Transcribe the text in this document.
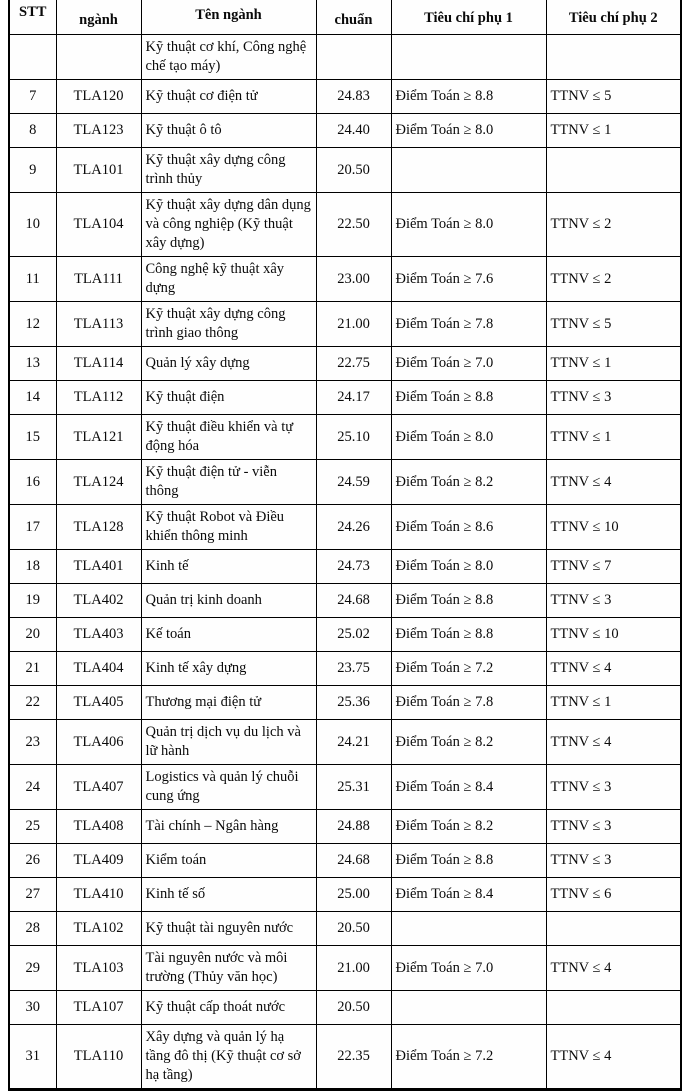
STT	ngành	Tên ngành	chuẩn	Tiêu chí phụ 1	Tiêu chí phụ 2

		Kỹ thuật cơ khí, Công nghệ chế tạo máy)			
7	TLA120	Kỹ thuật cơ điện tử	24.83	Điểm Toán ≥ 8.8	TTNV ≤ 5
8	TLA123	Kỹ thuật ô tô	24.40	Điểm Toán ≥ 8.0	TTNV ≤ 1
9	TLA101	Kỹ thuật xây dựng công trình thủy	20.50		
10	TLA104	Kỹ thuật xây dựng dân dụng và công nghiệp (Kỹ thuật xây dựng)	22.50	Điểm Toán ≥ 8.0	TTNV ≤ 2
11	TLA111	Công nghệ kỹ thuật xây dựng	23.00	Điểm Toán ≥ 7.6	TTNV ≤ 2
12	TLA113	Kỹ thuật xây dựng công trình giao thông	21.00	Điểm Toán ≥ 7.8	TTNV ≤ 5
13	TLA114	Quản lý xây dựng	22.75	Điểm Toán ≥ 7.0	TTNV ≤ 1
14	TLA112	Kỹ thuật điện	24.17	Điểm Toán ≥ 8.8	TTNV ≤ 3
15	TLA121	Kỹ thuật điều khiển và tự động hóa	25.10	Điểm Toán ≥ 8.0	TTNV ≤ 1
16	TLA124	Kỹ thuật điện tử - viễn thông	24.59	Điểm Toán ≥ 8.2	TTNV ≤ 4
17	TLA128	Kỹ thuật Robot và Điều khiển thông minh	24.26	Điểm Toán ≥ 8.6	TTNV ≤ 10
18	TLA401	Kinh tế	24.73	Điểm Toán ≥ 8.0	TTNV ≤ 7
19	TLA402	Quản trị kinh doanh	24.68	Điểm Toán ≥ 8.8	TTNV ≤ 3
20	TLA403	Kế toán	25.02	Điểm Toán ≥ 8.8	TTNV ≤ 10
21	TLA404	Kinh tế xây dựng	23.75	Điểm Toán ≥ 7.2	TTNV ≤ 4
22	TLA405	Thương mại điện tử	25.36	Điểm Toán ≥ 7.8	TTNV ≤ 1
23	TLA406	Quản trị dịch vụ du lịch và lữ hành	24.21	Điểm Toán ≥ 8.2	TTNV ≤ 4
24	TLA407	Logistics và quản lý chuỗi cung ứng	25.31	Điểm Toán ≥ 8.4	TTNV ≤ 3
25	TLA408	Tài chính – Ngân hàng	24.88	Điểm Toán ≥ 8.2	TTNV ≤ 3
26	TLA409	Kiểm toán	24.68	Điểm Toán ≥ 8.8	TTNV ≤ 3
27	TLA410	Kinh tế số	25.00	Điểm Toán ≥ 8.4	TTNV ≤ 6
28	TLA102	Kỹ thuật tài nguyên nước	20.50		
29	TLA103	Tài nguyên nước và môi trường (Thủy văn học)	21.00	Điểm Toán ≥ 7.0	TTNV ≤ 4
30	TLA107	Kỹ thuật cấp thoát nước	20.50		
31	TLA110	Xây dựng và quản lý hạ tầng đô thị (Kỹ thuật cơ sở hạ tầng)	22.35	Điểm Toán ≥ 7.2	TTNV ≤ 4
